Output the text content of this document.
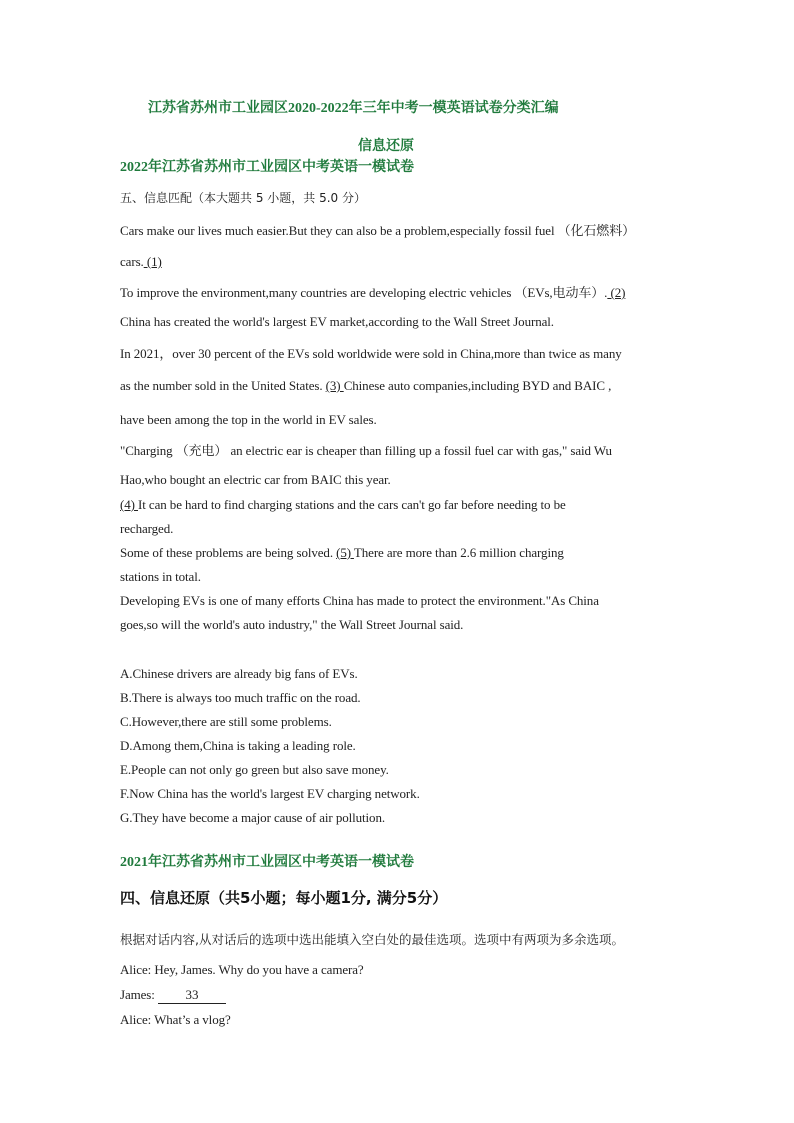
江苏省苏州市工业园区2020-2022年三年中考一模英语试卷分类汇编
信息还原
2022年江苏省苏州市工业园区中考英语一模试卷
五、信息匹配（本大题共 5 小题，共 5.0 分）
Cars make our lives much easier.But they can also be a problem,especially fossil fuel （化石燃料）
cars. (1)
To improve the environment,many countries are developing electric vehicles （EVs,电动车）. (2)
China has created the world's largest EV market,according to the Wall Street Journal.
In 2021，over 30 percent of the EVs sold worldwide were sold in China,more than twice as many
as the number sold in the United States. (3) Chinese auto companies,including BYD and BAIC ,
have been among the top in the world in EV sales.
"Charging （充电） an electric ear is cheaper than filling up a fossil fuel car with gas," said Wu
Hao,who bought an electric car from BAIC this year.
(4) It can be hard to find charging stations and the cars can't go far before needing to be
recharged.
Some of these problems are being solved. (5) There are more than 2.6 million charging
stations in total.
Developing EVs is one of many efforts China has made to protect the environment."As China
goes,so will the world's auto industry," the Wall Street Journal said.
A.Chinese drivers are already big fans of EVs.
B.There is always too much traffic on the road.
C.However,there are still some problems.
D.Among them,China is taking a leading role.
E.People can not only go green but also save money.
F.Now China has the world's largest EV charging network.
G.They have become a major cause of air pollution.
2021年江苏省苏州市工业园区中考英语一模试卷
四、信息还原（共5小题；每小题1分, 满分5分）
根据对话内容,从对话后的选项中选出能填入空白处的最佳选项。选项中有两项为多余选项。
Alice: Hey, James. Why do you have a camera?
James: 33
Alice: What’s a vlog?
